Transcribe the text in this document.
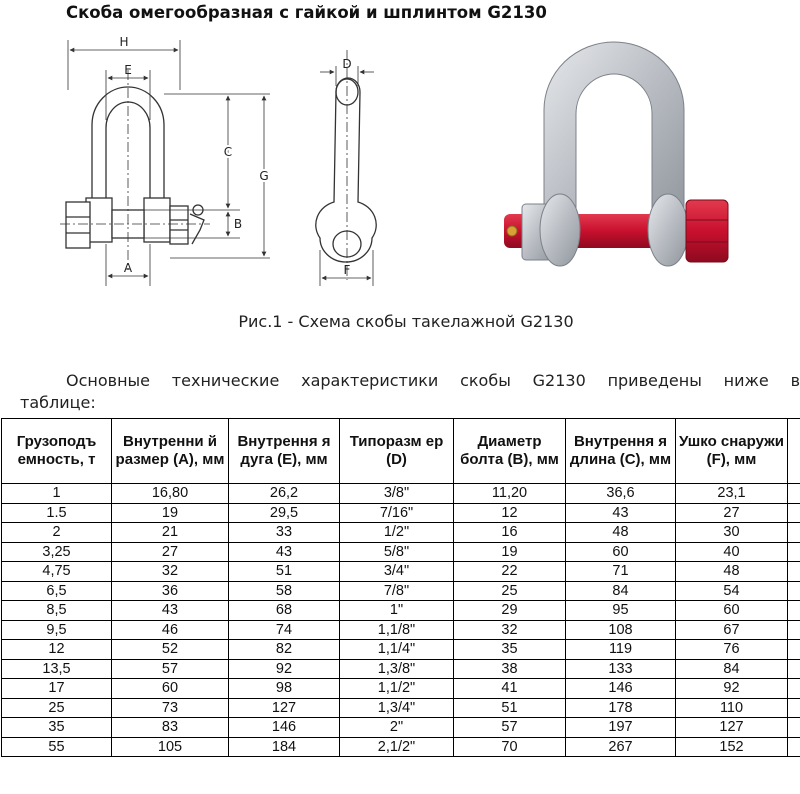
Скоба омегообразная с гайкой и шплинтом G2130
H
E
C
G
B
A
D
F
Рис.1 - Схема скобы такелажной G2130
Основные технические характеристики скобы G2130 приведены ниже в
таблице:
Грузоподъ емность, т	Внутренни й размер (А), мм	Внутрення я дуга (Е), мм	Типоразм ер (D)	Диаметр болта (В), мм	Внутрення я длина (С), мм	Ушко снаружи (F), мм	
1	16,80	26,2	3/8"	11,20	36,6	23,1	
1.5	19	29,5	7/16"	12	43	27	
2	21	33	1/2"	16	48	30	
3,25	27	43	5/8"	19	60	40	
4,75	32	51	3/4"	22	71	48	
6,5	36	58	7/8"	25	84	54	
8,5	43	68	1"	29	95	60	
9,5	46	74	1,1/8"	32	108	67	
12	52	82	1,1/4"	35	119	76	
13,5	57	92	1,3/8"	38	133	84	
17	60	98	1,1/2"	41	146	92	
25	73	127	1,3/4"	51	178	110	
35	83	146	2"	57	197	127	
55	105	184	2,1/2"	70	267	152	
